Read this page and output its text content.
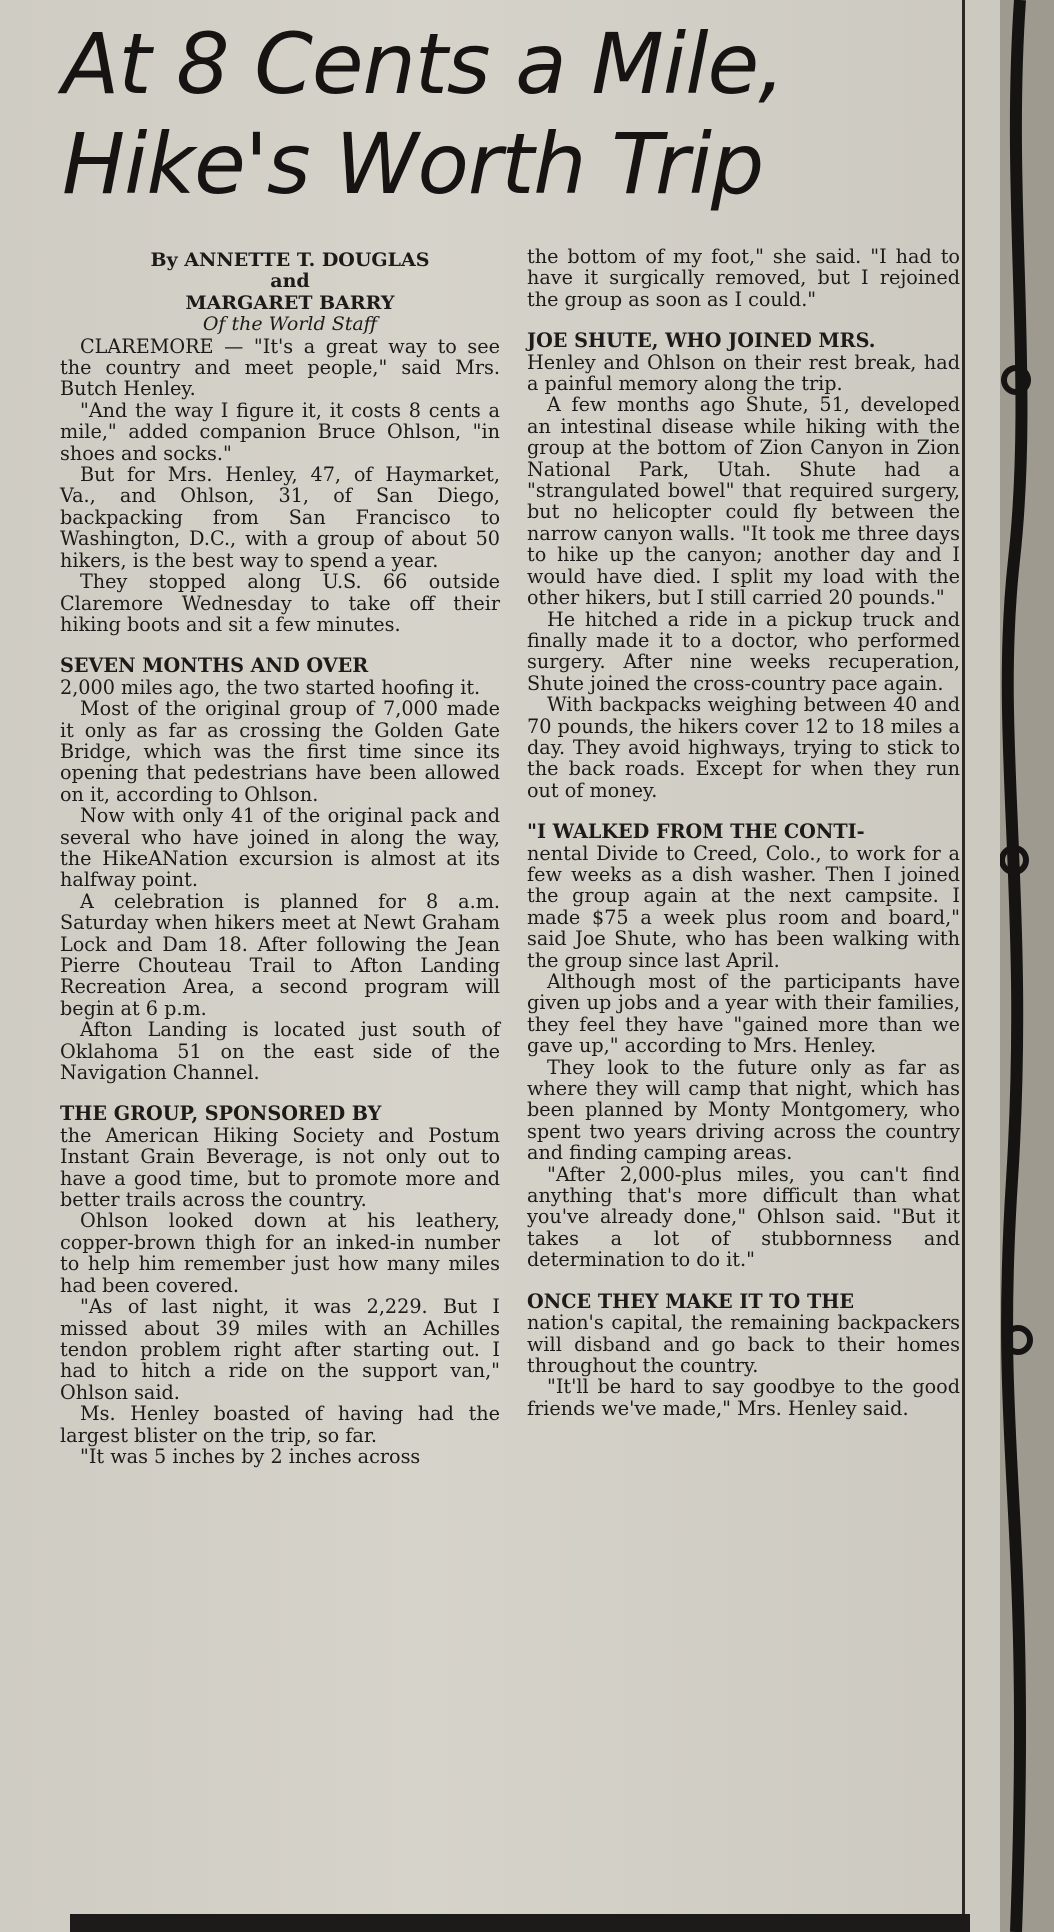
At 8 Cents a Mile,
Hike's Worth Trip

By ANNETTE T. DOUGLAS

and

MARGARET BARRY

Of the World Staff

CLAREMORE — "It's a great way to see the country and meet people," said Mrs. Butch Henley.

"And the way I figure it, it costs 8 cents a mile," added companion Bruce Ohlson, "in shoes and socks."

But for Mrs. Henley, 47, of Haymarket, Va., and Ohlson, 31, of San Diego, backpacking from San Francisco to Washington, D.C., with a group of about 50 hikers, is the best way to spend a year.

They stopped along U.S. 66 outside Claremore Wednesday to take off their hiking boots and sit a few minutes.

SEVEN MONTHS AND OVER

2,000 miles ago, the two started hoofing it.

Most of the original group of 7,000 made it only as far as crossing the Golden Gate Bridge, which was the first time since its opening that pedestrians have been allowed on it, according to Ohlson.

Now with only 41 of the original pack and several who have joined in along the way, the HikeANation excursion is almost at its halfway point.

A celebration is planned for 8 a.m. Saturday when hikers meet at Newt Graham Lock and Dam 18. After following the Jean Pierre Chouteau Trail to Afton Landing Recreation Area, a second program will begin at 6 p.m.

Afton Landing is located just south of Oklahoma 51 on the east side of the Navigation Channel.

THE GROUP, SPONSORED BY

the American Hiking Society and Postum Instant Grain Beverage, is not only out to have a good time, but to promote more and better trails across the country.

Ohlson looked down at his leathery, copper-brown thigh for an inked-in number to help him remember just how many miles had been covered.

"As of last night, it was 2,229. But I missed about 39 miles with an Achilles tendon problem right after starting out. I had to hitch a ride on the support van," Ohlson said.

Ms. Henley boasted of having had the largest blister on the trip, so far.

"It was 5 inches by 2 inches across

the bottom of my foot," she said. "I had to have it surgically removed, but I rejoined the group as soon as I could."

JOE SHUTE, WHO JOINED MRS.

Henley and Ohlson on their rest break, had a painful memory along the trip.

A few months ago Shute, 51, developed an intestinal disease while hiking with the group at the bottom of Zion Canyon in Zion National Park, Utah. Shute had a "strangulated bowel" that required surgery, but no helicopter could fly between the narrow canyon walls. "It took me three days to hike up the canyon; another day and I would have died. I split my load with the other hikers, but I still carried 20 pounds."

He hitched a ride in a pickup truck and finally made it to a doctor, who performed surgery. After nine weeks recuperation, Shute joined the cross-country pace again.

With backpacks weighing between 40 and 70 pounds, the hikers cover 12 to 18 miles a day. They avoid highways, trying to stick to the back roads. Except for when they run out of money.

"I WALKED FROM THE CONTI-

nental Divide to Creed, Colo., to work for a few weeks as a dish washer. Then I joined the group again at the next campsite. I made $75 a week plus room and board," said Joe Shute, who has been walking with the group since last April.

Although most of the participants have given up jobs and a year with their families, they feel they have "gained more than we gave up," according to Mrs. Henley.

They look to the future only as far as where they will camp that night, which has been planned by Monty Montgomery, who spent two years driving across the country and finding camping areas.

"After 2,000-plus miles, you can't find anything that's more difficult than what you've already done," Ohlson said. "But it takes a lot of stubbornness and determination to do it."

ONCE THEY MAKE IT TO THE

nation's capital, the remaining backpackers will disband and go back to their homes throughout the country.

"It'll be hard to say goodbye to the good friends we've made," Mrs. Henley said.
